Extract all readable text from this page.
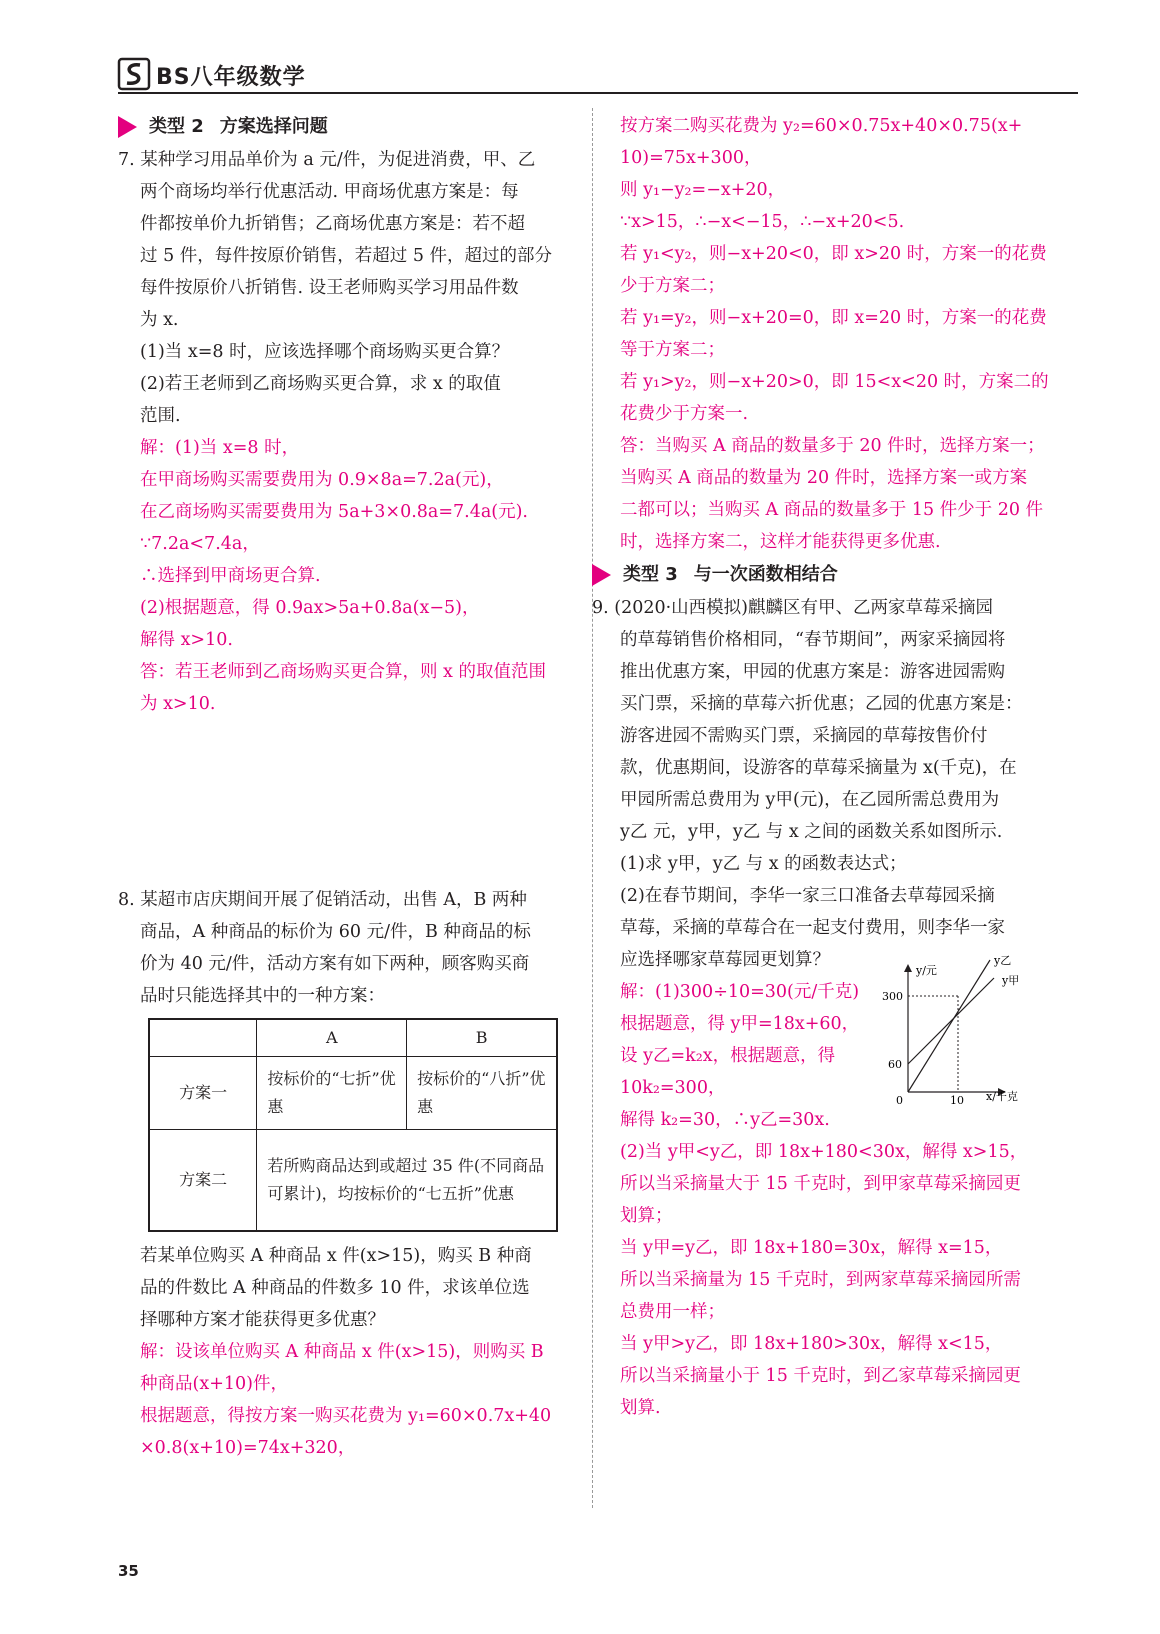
BS八年级数学
类型 2 方案选择问题
7. 某种学习用品单价为 a 元/件，为促进消费，甲、乙
两个商场均举行优惠活动. 甲商场优惠方案是：每
件都按单价九折销售；乙商场优惠方案是：若不超
过 5 件，每件按原价销售，若超过 5 件，超过的部分
每件按原价八折销售. 设王老师购买学习用品件数
为 x.
(1)当 x=8 时，应该选择哪个商场购买更合算？
(2)若王老师到乙商场购买更合算，求 x 的取值
范围.
解：(1)当 x=8 时，
在甲商场购买需要费用为 0.9×8a=7.2a(元)，
在乙商场购买需要费用为 5a+3×0.8a=7.4a(元).
∵7.2a<7.4a，
∴选择到甲商场更合算.
(2)根据题意，得 0.9ax>5a+0.8a(x−5)，
解得 x>10.
答：若王老师到乙商场购买更合算，则 x 的取值范围
为 x>10.
8. 某超市店庆期间开展了促销活动，出售 A，B 两种
商品，A 种商品的标价为 60 元/件，B 种商品的标
价为 40 元/件，活动方案有如下两种，顾客购买商
品时只能选择其中的一种方案：
	A	B
方案一	按标价的“七折”优惠	按标价的“八折”优惠
方案二	若所购商品达到或超过 35 件(不同商品可累计)，均按标价的“七五折”优惠	
若某单位购买 A 种商品 x 件(x>15)，购买 B 种商
品的件数比 A 种商品的件数多 10 件，求该单位选
择哪种方案才能获得更多优惠？
解：设该单位购买 A 种商品 x 件(x>15)，则购买 B
种商品(x+10)件，
根据题意，得按方案一购买花费为 y₁=60×0.7x+40
×0.8(x+10)=74x+320，
按方案二购买花费为 y₂=60×0.75x+40×0.75(x+
10)=75x+300，
则 y₁−y₂=−x+20，
∵x>15，∴−x<−15，∴−x+20<5.
若 y₁<y₂，则−x+20<0，即 x>20 时，方案一的花费
少于方案二；
若 y₁=y₂，则−x+20=0，即 x=20 时，方案一的花费
等于方案二；
若 y₁>y₂，则−x+20>0，即 15<x<20 时，方案二的
花费少于方案一.
答：当购买 A 商品的数量多于 20 件时，选择方案一；
当购买 A 商品的数量为 20 件时，选择方案一或方案
二都可以；当购买 A 商品的数量多于 15 件少于 20 件
时，选择方案二，这样才能获得更多优惠.
类型 3 与一次函数相结合
9. (2020·山西模拟)麒麟区有甲、乙两家草莓采摘园
的草莓销售价格相同，“春节期间”，两家采摘园将
推出优惠方案，甲园的优惠方案是：游客进园需购
买门票，采摘的草莓六折优惠；乙园的优惠方案是：
游客进园不需购买门票，采摘园的草莓按售价付
款，优惠期间，设游客的草莓采摘量为 x(千克)，在
甲园所需总费用为 y甲(元)，在乙园所需总费用为
y乙 元，y甲，y乙 与 x 之间的函数关系如图所示.
(1)求 y甲，y乙 与 x 的函数表达式；
(2)在春节期间，李华一家三口准备去草莓园采摘
草莓，采摘的草莓合在一起支付费用，则李华一家
应选择哪家草莓园更划算？
解：(1)300÷10=30(元/千克)
根据题意，得 y甲=18x+60，
设 y乙=k₂x，根据题意，得
10k₂=300，
解得 k₂=30，∴y乙=30x.
(2)当 y甲<y乙，即 18x+180<30x，解得 x>15，
所以当采摘量大于 15 千克时，到甲家草莓采摘园更
划算；
当 y甲=y乙，即 18x+180=30x，解得 x=15，
所以当采摘量为 15 千克时，到两家草莓采摘园所需
总费用一样；
当 y甲>y乙，即 18x+180>30x，解得 x<15，
所以当采摘量小于 15 千克时，到乙家草莓采摘园更
划算.
y/元
300
60
0	10 x/千克
y乙
y甲
35
